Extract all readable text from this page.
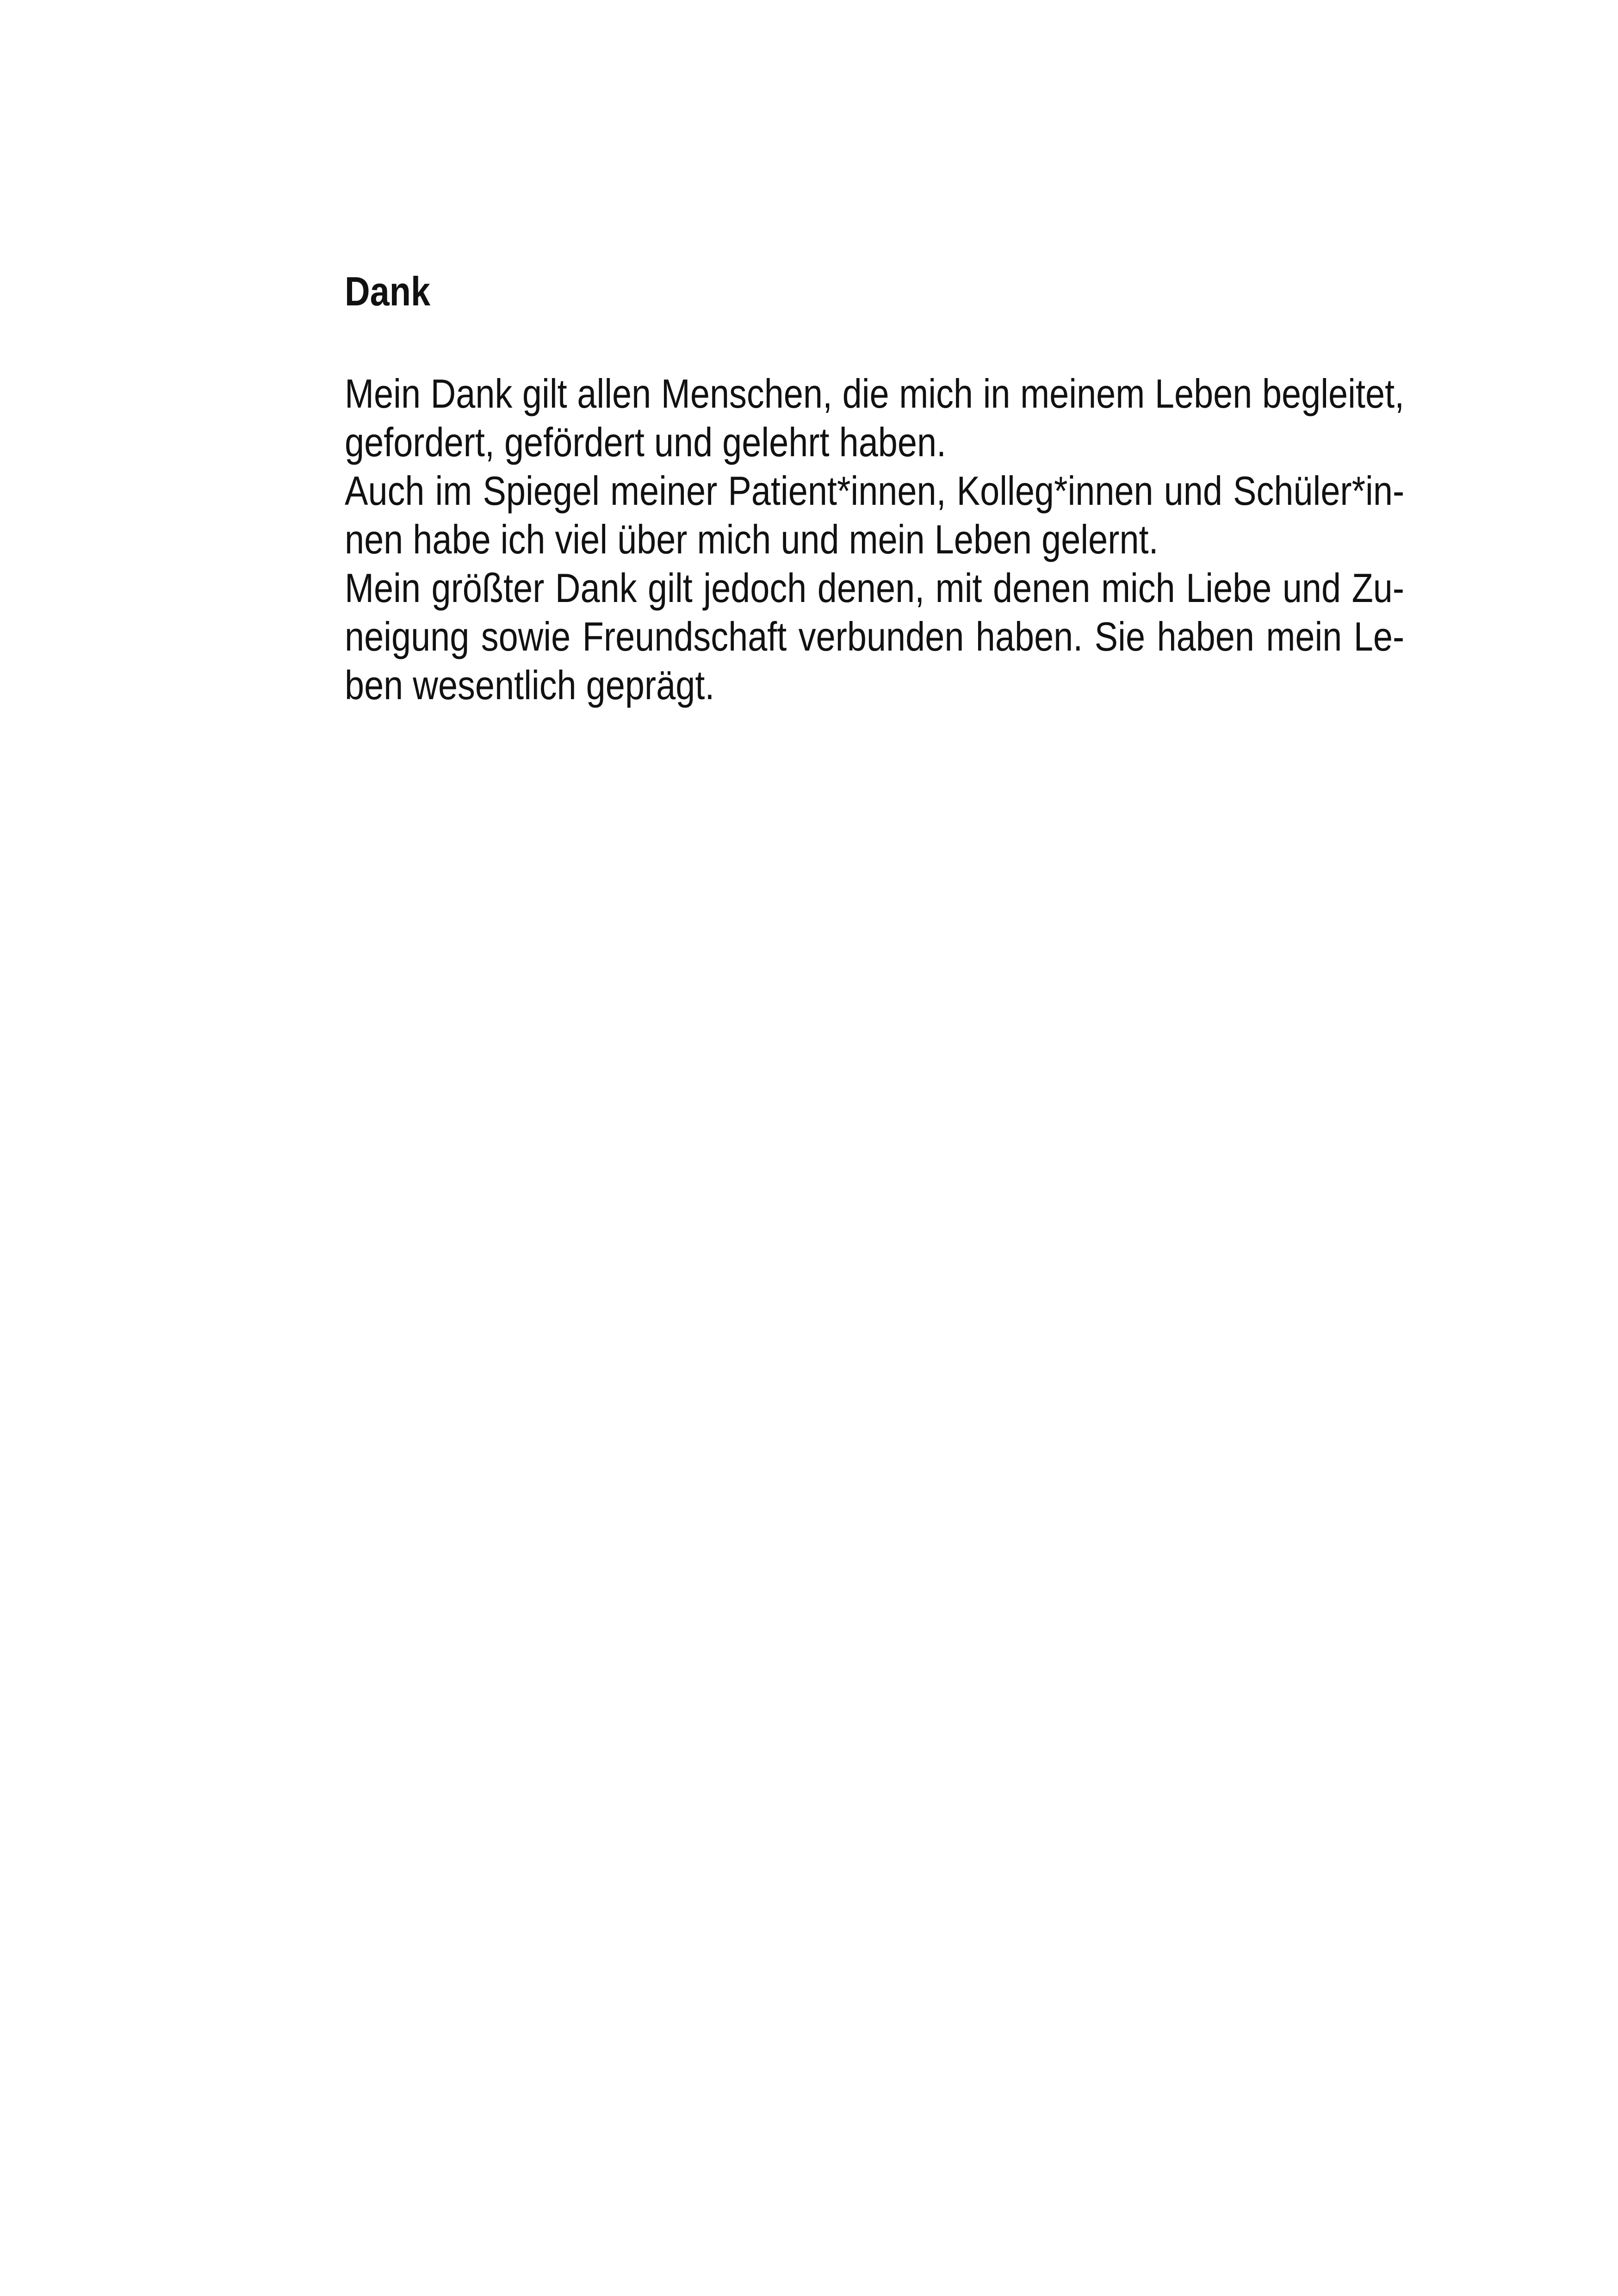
Dank
Mein Dank gilt allen Menschen, die mich in meinem Leben begleitet,
gefordert, gefördert und gelehrt haben.
Auch im Spiegel meiner Patient*innen, Kolleg*innen und Schüler*in-
nen habe ich viel über mich und mein Leben gelernt.
Mein größter Dank gilt jedoch denen, mit denen mich Liebe und Zu-
neigung sowie Freundschaft verbunden haben. Sie haben mein Le-
ben wesentlich geprägt.
